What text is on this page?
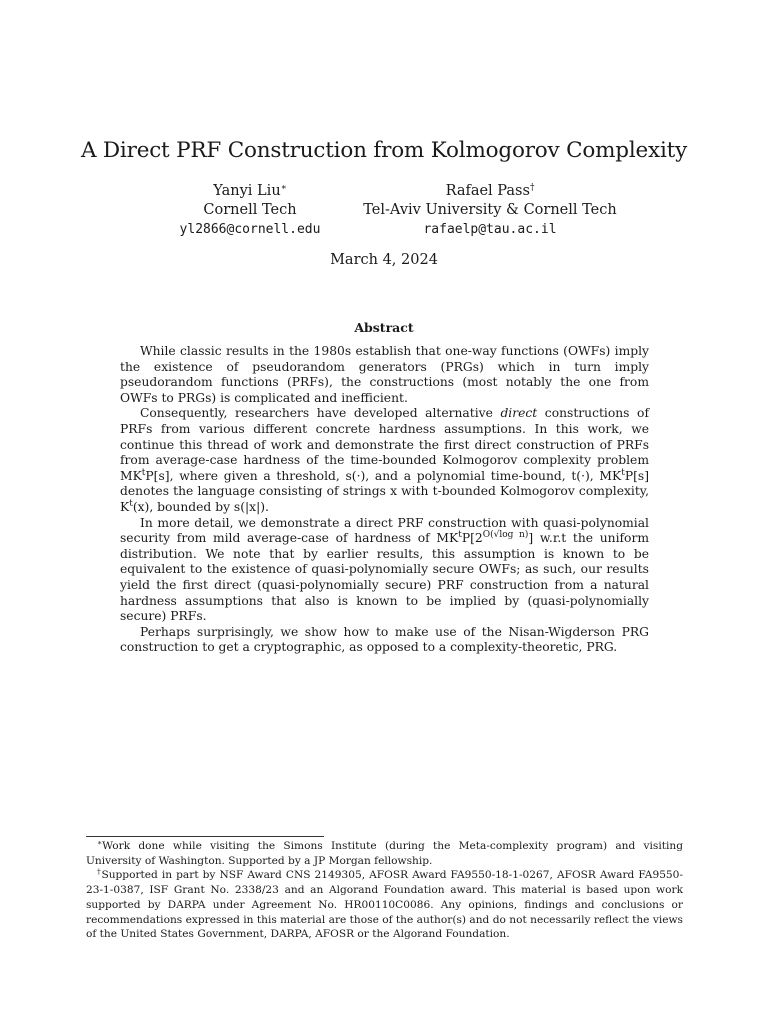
A Direct PRF Construction from Kolmogorov Complexity
Yanyi Liu∗
Cornell Tech
yl2866@cornell.edu
Rafael Pass†
Tel-Aviv University & Cornell Tech
rafaelp@tau.ac.il
March 4, 2024
Abstract

While classic results in the 1980s establish that one-way functions (OWFs) imply the existence of pseudorandom generators (PRGs) which in turn imply pseudorandom functions (PRFs), the constructions (most notably the one from OWFs to PRGs) is complicated and inefficient.

Consequently, researchers have developed alternative direct constructions of PRFs from various different concrete hardness assumptions. In this work, we continue this thread of work and demonstrate the first direct construction of PRFs from average-case hardness of the time-bounded Kolmogorov complexity problem $MK^tP[s]$, where given a threshold, s(·), and a polynomial time-bound, t(·), $MK^tP[s]$ denotes the language consisting of strings x with t-bounded Kolmogorov complexity, $K^t(x)$, bounded by s(|x|).

In more detail, we demonstrate a direct PRF construction with quasi-polynomial security from mild average-case of hardness of $MK^tP[2^{O(√log n)}]$ w.r.t the uniform distribution. We note that by earlier results, this assumption is known to be equivalent to the existence of quasi-polynomially secure OWFs; as such, our results yield the first direct (quasi-polynomially secure) PRF construction from a natural hardness assumptions that also is known to be implied by (quasi-polynomially secure) PRFs.

Perhaps surprisingly, we show how to make use of the Nisan-Wigderson PRG construction to get a cryptographic, as opposed to a complexity-theoretic, PRG.

∗Work done while visiting the Simons Institute (during the Meta-complexity program) and visiting University of Washington. Supported by a JP Morgan fellowship.

†Supported in part by NSF Award CNS 2149305, AFOSR Award FA9550-18-1-0267, AFOSR Award FA9550-23-1-0387, ISF Grant No. 2338/23 and an Algorand Foundation award. This material is based upon work supported by DARPA under Agreement No. HR00110C0086. Any opinions, findings and conclusions or recommendations expressed in this material are those of the author(s) and do not necessarily reflect the views of the United States Government, DARPA, AFOSR or the Algorand Foundation.
